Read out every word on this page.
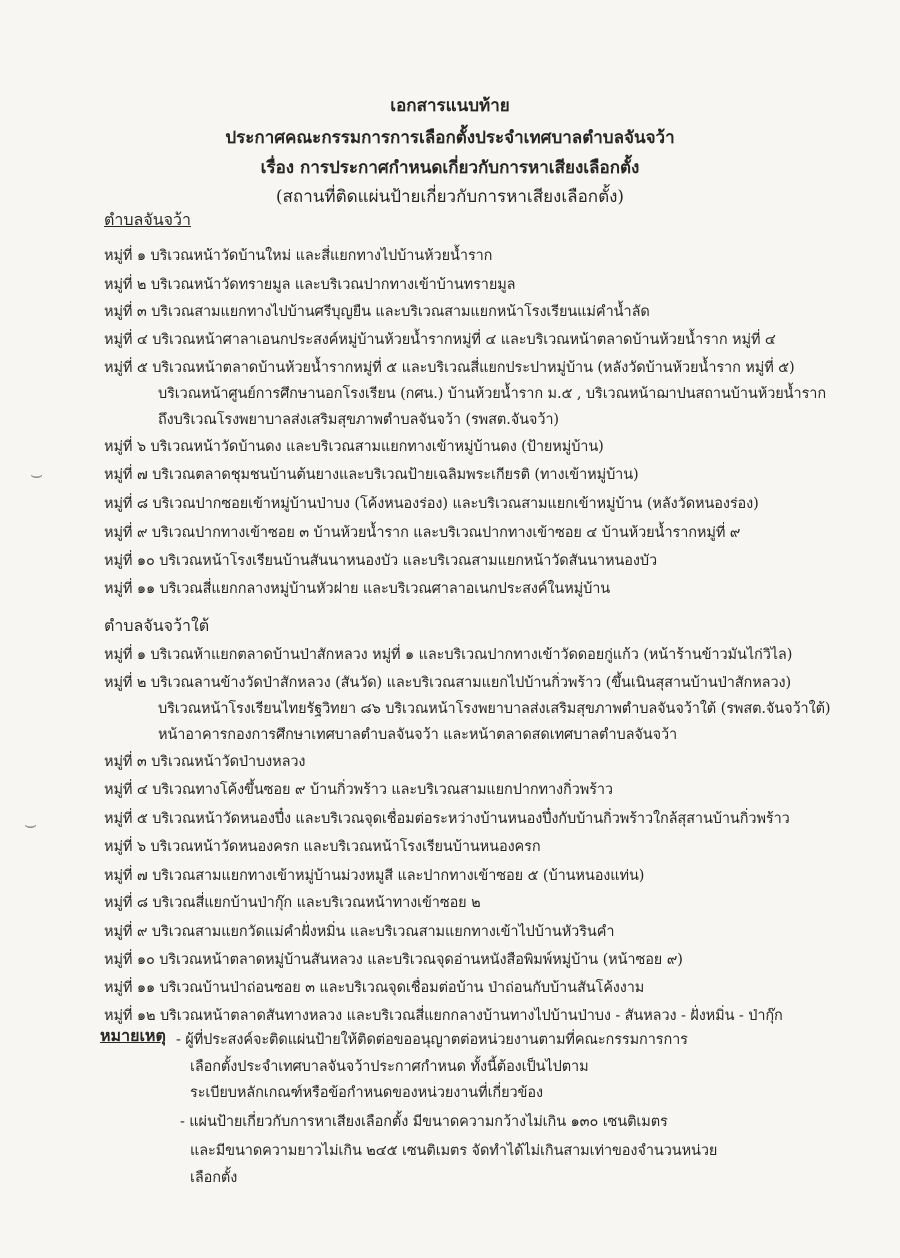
เอกสารแนบท้าย
ประกาศคณะกรรมการการเลือกตั้งประจำเทศบาลตำบลจันจว้า
เรื่อง การประกาศกำหนดเกี่ยวกับการหาเสียงเลือกตั้ง
(สถานที่ติดแผ่นป้ายเกี่ยวกับการหาเสียงเลือกตั้ง)
ตำบลจันจว้า
หมู่ที่ ๑ บริเวณหน้าวัดบ้านใหม่ และสี่แยกทางไปบ้านห้วยน้ำราก
หมู่ที่ ๒ บริเวณหน้าวัดทรายมูล และบริเวณปากทางเข้าบ้านทรายมูล
หมู่ที่ ๓ บริเวณสามแยกทางไปบ้านศรีบุญยืน และบริเวณสามแยกหน้าโรงเรียนแม่คำน้ำลัด
หมู่ที่ ๔ บริเวณหน้าศาลาเอนกประสงค์หมู่บ้านห้วยน้ำรากหมู่ที่ ๔ และบริเวณหน้าตลาดบ้านห้วยน้ำราก หมู่ที่ ๔
หมู่ที่ ๕ บริเวณหน้าตลาดบ้านห้วยน้ำรากหมู่ที่ ๕ และบริเวณสี่แยกประปาหมู่บ้าน (หลังวัดบ้านห้วยน้ำราก หมู่ที่ ๕)
บริเวณหน้าศูนย์การศึกษานอกโรงเรียน (กศน.) บ้านห้วยน้ำราก ม.๕ , บริเวณหน้าฌาปนสถานบ้านห้วยน้ำราก
ถึงบริเวณโรงพยาบาลส่งเสริมสุขภาพตำบลจันจว้า (รพสต.จันจว้า)
หมู่ที่ ๖ บริเวณหน้าวัดบ้านดง และบริเวณสามแยกทางเข้าหมู่บ้านดง (ป้ายหมู่บ้าน)
หมู่ที่ ๗ บริเวณตลาดชุมชนบ้านต้นยางและบริเวณป้ายเฉลิมพระเกียรติ (ทางเข้าหมู่บ้าน)
หมู่ที่ ๘ บริเวณปากซอยเข้าหมู่บ้านป่าบง (โค้งหนองร่อง) และบริเวณสามแยกเข้าหมู่บ้าน (หลังวัดหนองร่อง)
หมู่ที่ ๙ บริเวณปากทางเข้าซอย ๓ บ้านห้วยน้ำราก และบริเวณปากทางเข้าซอย ๔ บ้านห้วยน้ำรากหมู่ที่ ๙
หมู่ที่ ๑๐ บริเวณหน้าโรงเรียนบ้านสันนาหนองบัว และบริเวณสามแยกหน้าวัดสันนาหนองบัว
หมู่ที่ ๑๑ บริเวณสี่แยกกลางหมู่บ้านหัวฝาย และบริเวณศาลาอเนกประสงค์ในหมู่บ้าน
ตำบลจันจว้าใต้
หมู่ที่ ๑ บริเวณห้าแยกตลาดบ้านป่าสักหลวง หมู่ที่ ๑ และบริเวณปากทางเข้าวัดดอยกู่แก้ว (หน้าร้านข้าวมันไก่วิไล)
หมู่ที่ ๒ บริเวณลานข้างวัดป่าสักหลวง (สันวัด) และบริเวณสามแยกไปบ้านกิ่วพร้าว (ขึ้นเนินสุสานบ้านป่าสักหลวง)
บริเวณหน้าโรงเรียนไทยรัฐวิทยา ๘๖ บริเวณหน้าโรงพยาบาลส่งเสริมสุขภาพตำบลจันจว้าใต้ (รพสต.จันจว้าใต้)
หน้าอาคารกองการศึกษาเทศบาลตำบลจันจว้า และหน้าตลาดสดเทศบาลตำบลจันจว้า
หมู่ที่ ๓ บริเวณหน้าวัดป่าบงหลวง
หมู่ที่ ๔ บริเวณทางโค้งขึ้นซอย ๙ บ้านกิ่วพร้าว และบริเวณสามแยกปากทางกิ่วพร้าว
หมู่ที่ ๕ บริเวณหน้าวัดหนองปึ๋ง และบริเวณจุดเชื่อมต่อระหว่างบ้านหนองปึ๋งกับบ้านกิ่วพร้าวใกล้สุสานบ้านกิ่วพร้าว
หมู่ที่ ๖ บริเวณหน้าวัดหนองครก และบริเวณหน้าโรงเรียนบ้านหนองครก
หมู่ที่ ๗ บริเวณสามแยกทางเข้าหมู่บ้านม่วงหมูสี และปากทางเข้าซอย ๕ (บ้านหนองแท่น)
หมู่ที่ ๘ บริเวณสี่แยกบ้านป่ากุ๊ก และบริเวณหน้าทางเข้าซอย ๒
หมู่ที่ ๙ บริเวณสามแยกวัดแม่คำฝั่งหมิ่น และบริเวณสามแยกทางเข้าไปบ้านหัวรินคำ
หมู่ที่ ๑๐ บริเวณหน้าตลาดหมู่บ้านสันหลวง และบริเวณจุดอ่านหนังสือพิมพ์หมู่บ้าน (หน้าซอย ๙)
หมู่ที่ ๑๑ บริเวณบ้านป่าถ่อนซอย ๓ และบริเวณจุดเชื่อมต่อบ้าน ป่าถ่อนกับบ้านสันโค้งงาม
หมู่ที่ ๑๒ บริเวณหน้าตลาดสันทางหลวง และบริเวณสี่แยกกลางบ้านทางไปบ้านป่าบง - สันหลวง - ฝั่งหมิ่น - ป่ากุ๊ก
หมายเหตุ - ผู้ที่ประสงค์จะติดแผ่นป้ายให้ติดต่อขออนุญาตต่อหน่วยงานตามที่คณะกรรมการการ
เลือกตั้งประจำเทศบาลจันจว้าประกาศกำหนด ทั้งนี้ต้องเป็นไปตาม
ระเบียบหลักเกณฑ์หรือข้อกำหนดของหน่วยงานที่เกี่ยวข้อง
- แผ่นป้ายเกี่ยวกับการหาเสียงเลือกตั้ง มีขนาดความกว้างไม่เกิน ๑๓๐ เซนติเมตร
และมีขนาดความยาวไม่เกิน ๒๔๕ เซนติเมตร จัดทำได้ไม่เกินสามเท่าของจำนวนหน่วย
เลือกตั้ง
⌣
⌣
